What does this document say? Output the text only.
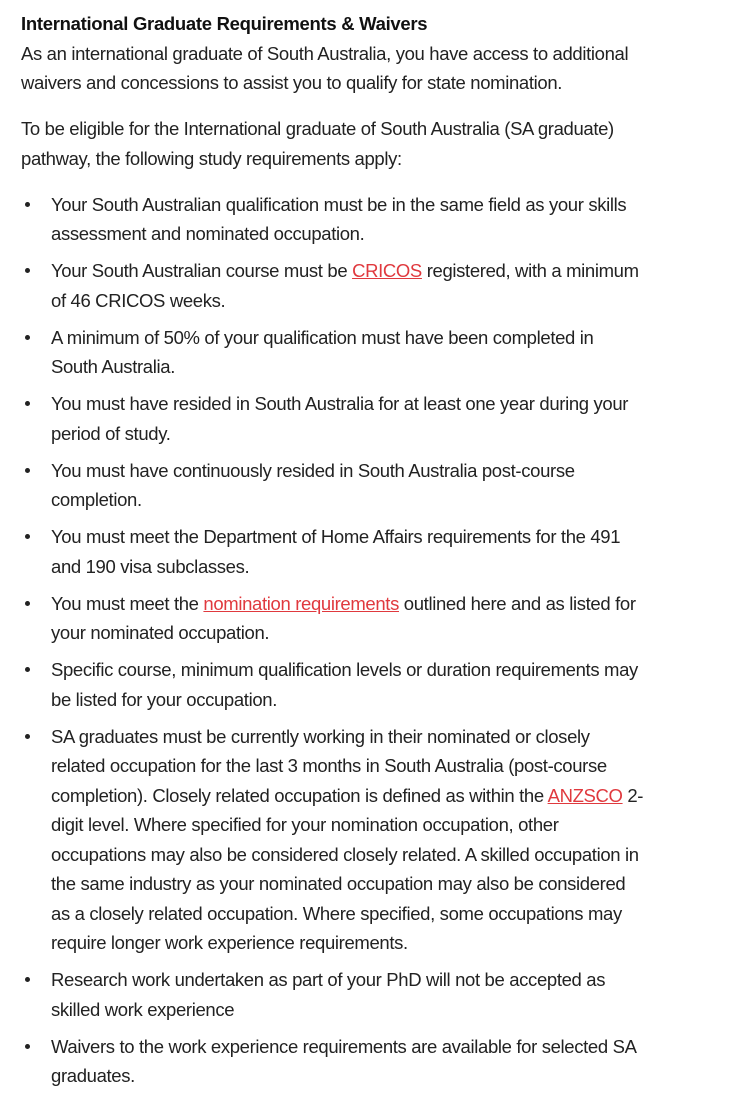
International Graduate Requirements & Waivers

As an international graduate of South Australia, you have access to additional
waivers and concessions to assist you to qualify for state nomination.

To be eligible for the International graduate of South Australia (SA graduate)
pathway, the following study requirements apply:

Your South Australian qualification must be in the same field as your skills
assessment and nominated occupation.
Your South Australian course must be CRICOS registered, with a minimum
of 46 CRICOS weeks.
A minimum of 50% of your qualification must have been completed in
South Australia.
You must have resided in South Australia for at least one year during your
period of study.
You must have continuously resided in South Australia post-course
completion.
You must meet the Department of Home Affairs requirements for the 491
and 190 visa subclasses.
You must meet the nomination requirements outlined here and as listed for
your nominated occupation.
Specific course, minimum qualification levels or duration requirements may
be listed for your occupation.
SA graduates must be currently working in their nominated or closely
related occupation for the last 3 months in South Australia (post-course
completion). Closely related occupation is defined as within the ANZSCO 2-
digit level. Where specified for your nomination occupation, other
occupations may also be considered closely related. A skilled occupation in
the same industry as your nominated occupation may also be considered
as a closely related occupation. Where specified, some occupations may
require longer work experience requirements.
Research work undertaken as part of your PhD will not be accepted as
skilled work experience
Waivers to the work experience requirements are available for selected SA
graduates.
